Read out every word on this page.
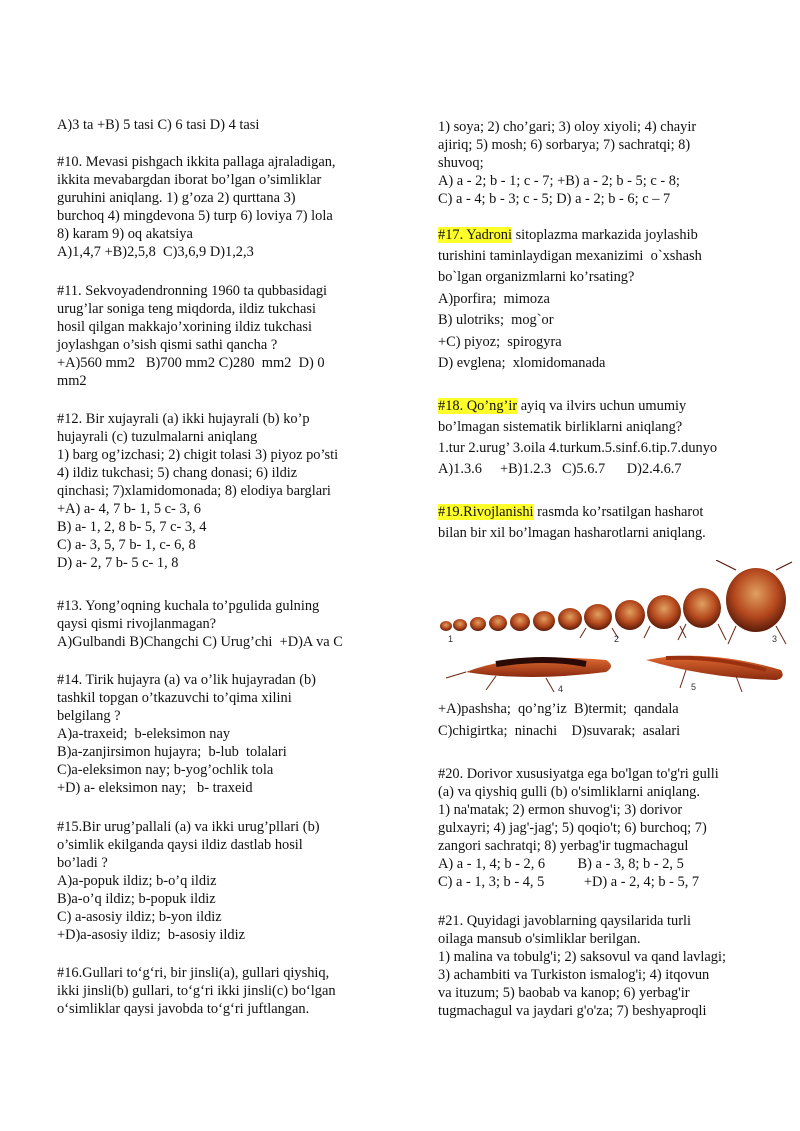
A)3 ta +B) 5 tasi C) 6 tasi D) 4 tasi
#10. Mevasi pishgach ikkita pallaga ajraladigan,
ikkita mevabargdan iborat bo’lgan o’simliklar
guruhini aniqlang. 1) g’oza 2) qurttana 3)
burchoq 4) mingdevona 5) turp 6) loviya 7) lola
8) karam 9) oq akatsiya
A)1,4,7 +B)2,5,8  C)3,6,9 D)1,2,3
#11. Sekvoyadendronning 1960 ta qubbasidagi
urug’lar soniga teng miqdorda, ildiz tukchasi
hosil qilgan makkajo’xorining ildiz tukchasi
joylashgan o’sish qismi sathi qancha ?
+A)560 mm2   B)700 mm2 C)280  mm2  D) 0
mm2
#12. Bir xujayrali (a) ikki hujayrali (b) ko’p
hujayrali (c) tuzulmalarni aniqlang
1) barg og’izchasi; 2) chigit tolasi 3) piyoz po’sti
4) ildiz tukchasi; 5) chang donasi; 6) ildiz
qinchasi; 7)xlamidomonada; 8) elodiya barglari
+A) a- 4, 7 b- 1, 5 c- 3, 6
B) a- 1, 2, 8 b- 5, 7 c- 3, 4
C) a- 3, 5, 7 b- 1, c- 6, 8
D) a- 2, 7 b- 5 c- 1, 8
#13. Yong’oqning kuchala to’pgulida gulning
qaysi qismi rivojlanmagan?
A)Gulbandi B)Changchi C) Urug’chi  +D)A va C
#14. Tirik hujayra (a) va o’lik hujayradan (b)
tashkil topgan o’tkazuvchi to’qima xilini
belgilang ?
A)a-traxeid;  b-eleksimon nay
B)a-zanjirsimon hujayra;  b-lub  tolalari
C)a-eleksimon nay; b-yog’ochlik tola
+D) a- eleksimon nay;   b- traxeid
#15.Bir urug’pallali (a) va ikki urug’pllari (b)
o’simlik ekilganda qaysi ildiz dastlab hosil
bo’ladi ?
A)a-popuk ildiz; b-o’q ildiz
B)a-o’q ildiz; b-popuk ildiz
C) a-asosiy ildiz; b-yon ildiz
+D)a-asosiy ildiz;  b-asosiy ildiz
#16.Gullari to‘g‘ri, bir jinsli(a), gullari qiyshiq,
ikki jinsli(b) gullari, to‘g‘ri ikki jinsli(c) bo‘lgan
o‘simliklar qaysi javobda to‘g‘ri juftlangan.
1) soya; 2) cho’gari; 3) oloy xiyoli; 4) chayir
ajiriq; 5) mosh; 6) sorbarya; 7) sachratqi; 8)
shuvoq;
A) a - 2; b - 1; c - 7; +B) a - 2; b - 5; c - 8;
C) a - 4; b - 3; c - 5; D) a - 2; b - 6; c – 7
#17. Yadroni sitoplazma markazida joylashib
turishini taminlaydigan mexanizimi  o`xshash
bo`lgan organizmlarni ko’rsating?
A)porfira;  mimoza
B) ulotriks;  mog`or
+C) piyoz;  spirogyra
D) evglena;  xlomidomanada
#18. Qo’ng’ir ayiq va ilvirs uchun umumiy
bo’lmagan sistematik birliklarni aniqlang?
1.tur 2.urug’ 3.oila 4.turkum.5.sinf.6.tip.7.dunyo
A)1.3.6     +B)1.2.3   C)5.6.7      D)2.4.6.7
#19.Rivojlanishi rasmda ko’rsatilgan hasharot
bilan bir xil bo’lmagan hasharotlarni aniqlang.
+A)pashsha;  qo’ng’iz  B)termit;  qandala
C)chigirtka;  ninachi    D)suvarak;  asalari
#20. Dorivor xususiyatga ega bo'lgan to'g'ri gulli
(a) va qiyshiq gulli (b) o'simliklarni aniqlang.
1) na'matak; 2) ermon shuvog'i; 3) dorivor
gulxayri; 4) jag'-jag'; 5) qoqio't; 6) burchoq; 7)
zangori sachratqi; 8) yerbag'ir tugmachagul
A) a - 1, 4; b - 2, 6         B) a - 3, 8; b - 2, 5
C) a - 1, 3; b - 4, 5           +D) a - 2, 4; b - 5, 7
#21. Quyidagi javoblarning qaysilarida turli
oilaga mansub o'simliklar berilgan.
1) malina va tobulg'i; 2) saksovul va qand lavlagi;
3) achambiti va Turkiston ismalog'i; 4) itqovun
va ituzum; 5) baobab va kanop; 6) yerbag'ir
tugmachagul va jaydari g'o'za; 7) beshyaproqli
1	2	3
4	5
